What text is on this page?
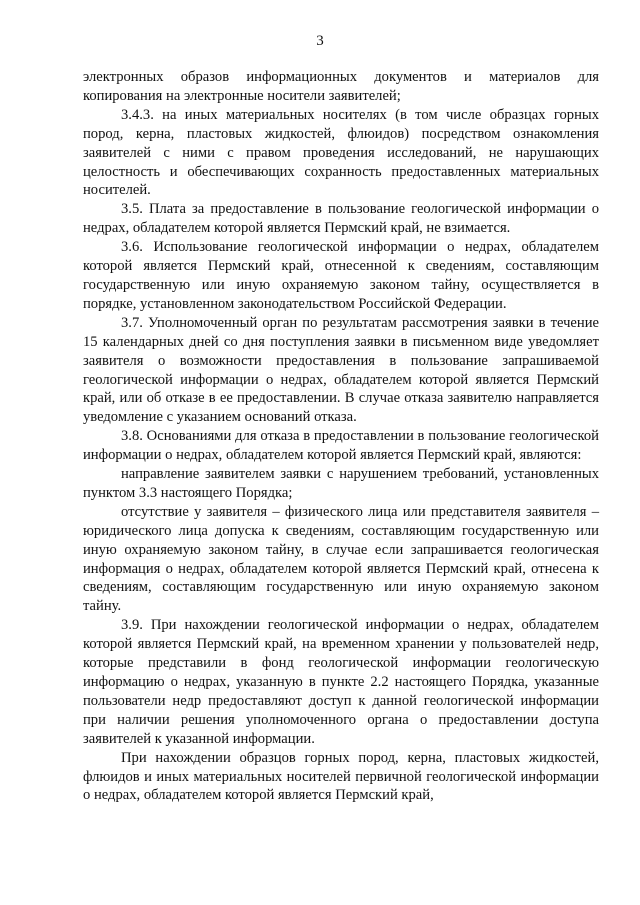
3

электронных образов информационных документов и материалов для копирования на электронные носители заявителей;

3.4.3. на иных материальных носителях (в том числе образцах горных пород, керна, пластовых жидкостей, флюидов) посредством ознакомления заявителей с ними с правом проведения исследований, не нарушающих целостность и обеспечивающих сохранность предоставленных материальных носителей.

3.5. Плата за предоставление в пользование геологической информации о недрах, обладателем которой является Пермский край, не взимается.

3.6. Использование геологической информации о недрах, обладателем которой является Пермский край, отнесенной к сведениям, составляющим государственную или иную охраняемую законом тайну, осуществляется в порядке, установленном законодательством Российской Федерации.

3.7. Уполномоченный орган по результатам рассмотрения заявки в течение 15 календарных дней со дня поступления заявки в письменном виде уведомляет заявителя о возможности предоставления в пользование запрашиваемой геологической информации о недрах, обладателем которой является Пермский край, или об отказе в ее предоставлении. В случае отказа заявителю направляется уведомление с указанием оснований отказа.

3.8. Основаниями для отказа в предоставлении в пользование геологической информации о недрах, обладателем которой является Пермский край, являются:

направление заявителем заявки с нарушением требований, установленных пунктом 3.3 настоящего Порядка;

отсутствие у заявителя – физического лица или представителя заявителя – юридического лица допуска к сведениям, составляющим государственную или иную охраняемую законом тайну, в случае если запрашивается геологическая информация о недрах, обладателем которой является Пермский край, отнесена к сведениям, составляющим государственную или иную охраняемую законом тайну.

3.9. При нахождении геологической информации о недрах, обладателем которой является Пермский край, на временном хранении у пользователей недр, которые представили в фонд геологической информации геологическую информацию о недрах, указанную в пункте 2.2 настоящего Порядка, указанные пользователи недр предоставляют доступ к данной геологической информации при наличии решения уполномоченного органа о предоставлении доступа заявителей к указанной информации.

При нахождении образцов горных пород, керна, пластовых жидкостей, флюидов и иных материальных носителей первичной геологической информации о недрах, обладателем которой является Пермский край,
